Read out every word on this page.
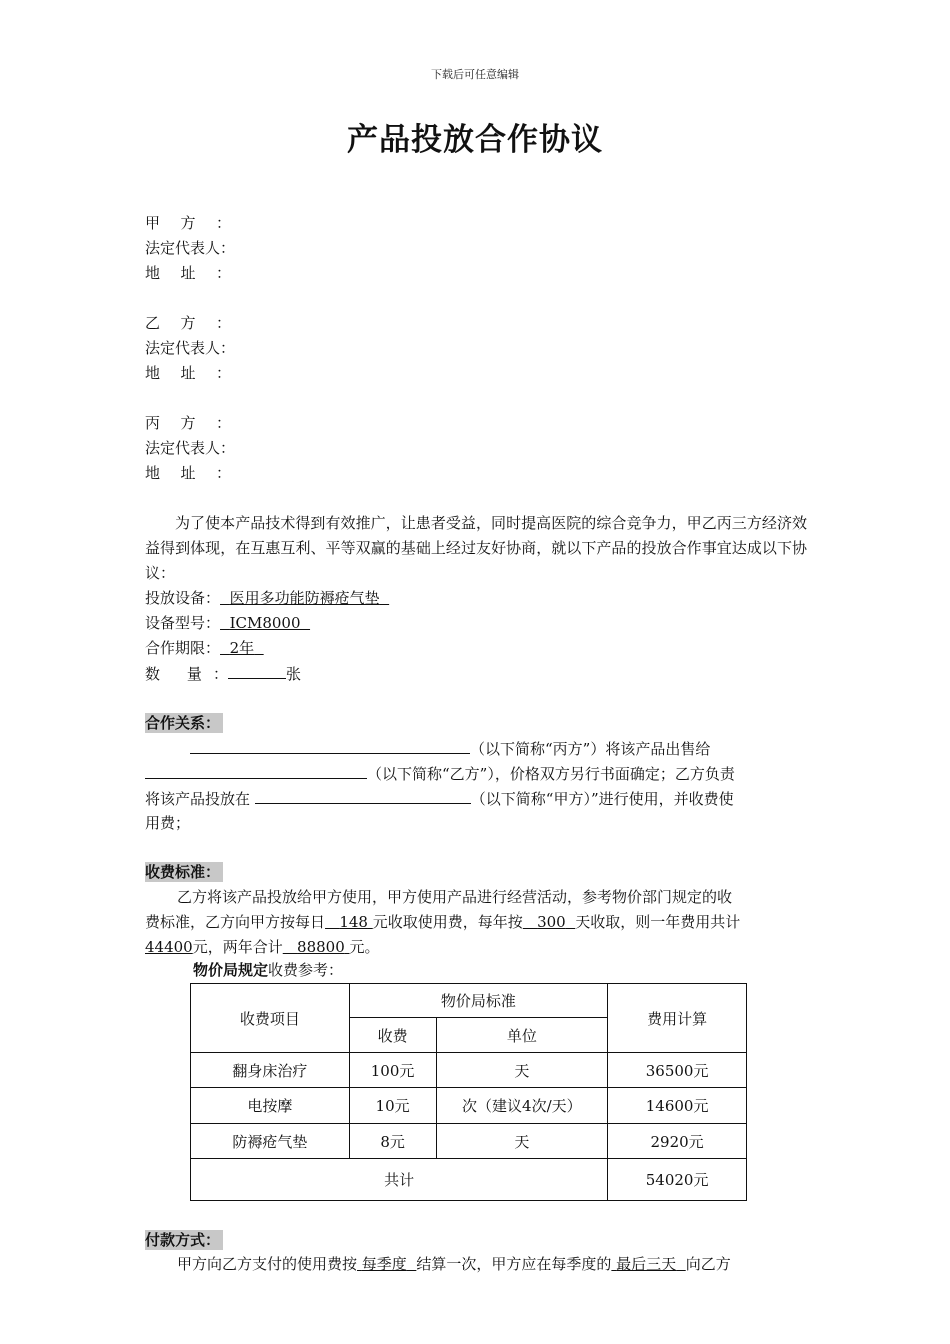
下载后可任意编辑
产品投放合作协议
甲方：
法定代表人：
地址：
乙方：
法定代表人：
地址：
丙方：
法定代表人：
地址：
为了使本产品技术得到有效推广，让患者受益，同时提高医院的综合竞争力，甲乙丙三方经济效益得到体现，在互惠互利、平等双赢的基础上经过友好协商，就以下产品的投放合作事宜达成以下协议：
投放设备： 医用多功能防褥疮气垫
设备型号： ICM8000
合作期限： 2年
数 量：	张
合作关系：
（以下简称“丙方”）将该产品出售给
（以下简称“乙方”），价格双方另行书面确定；乙方负责
将该产品投放在	（以下简称“甲方）”进行使用，并收费使
用费；
收费标准：
乙方将该产品投放给甲方使用，甲方使用产品进行经营活动，参考物价部门规定的收
费标准，乙方向甲方按每日 148 元收取使用费，每年按 300 天收取，则一年费用共计
44400元，两年合计 88800 元。
物价局规定收费参考：
收费项目	物价局标准		费用计算
	收费	单位	
翻身床治疗	100元	天	36500元
电按摩	10元	次（建议4次/天）	14600元
防褥疮气垫	8元	天	2920元
共计			54020元
付款方式：
甲方向乙方支付的使用费按 每季度 结算一次，甲方应在每季度的 最后三天 向乙方
